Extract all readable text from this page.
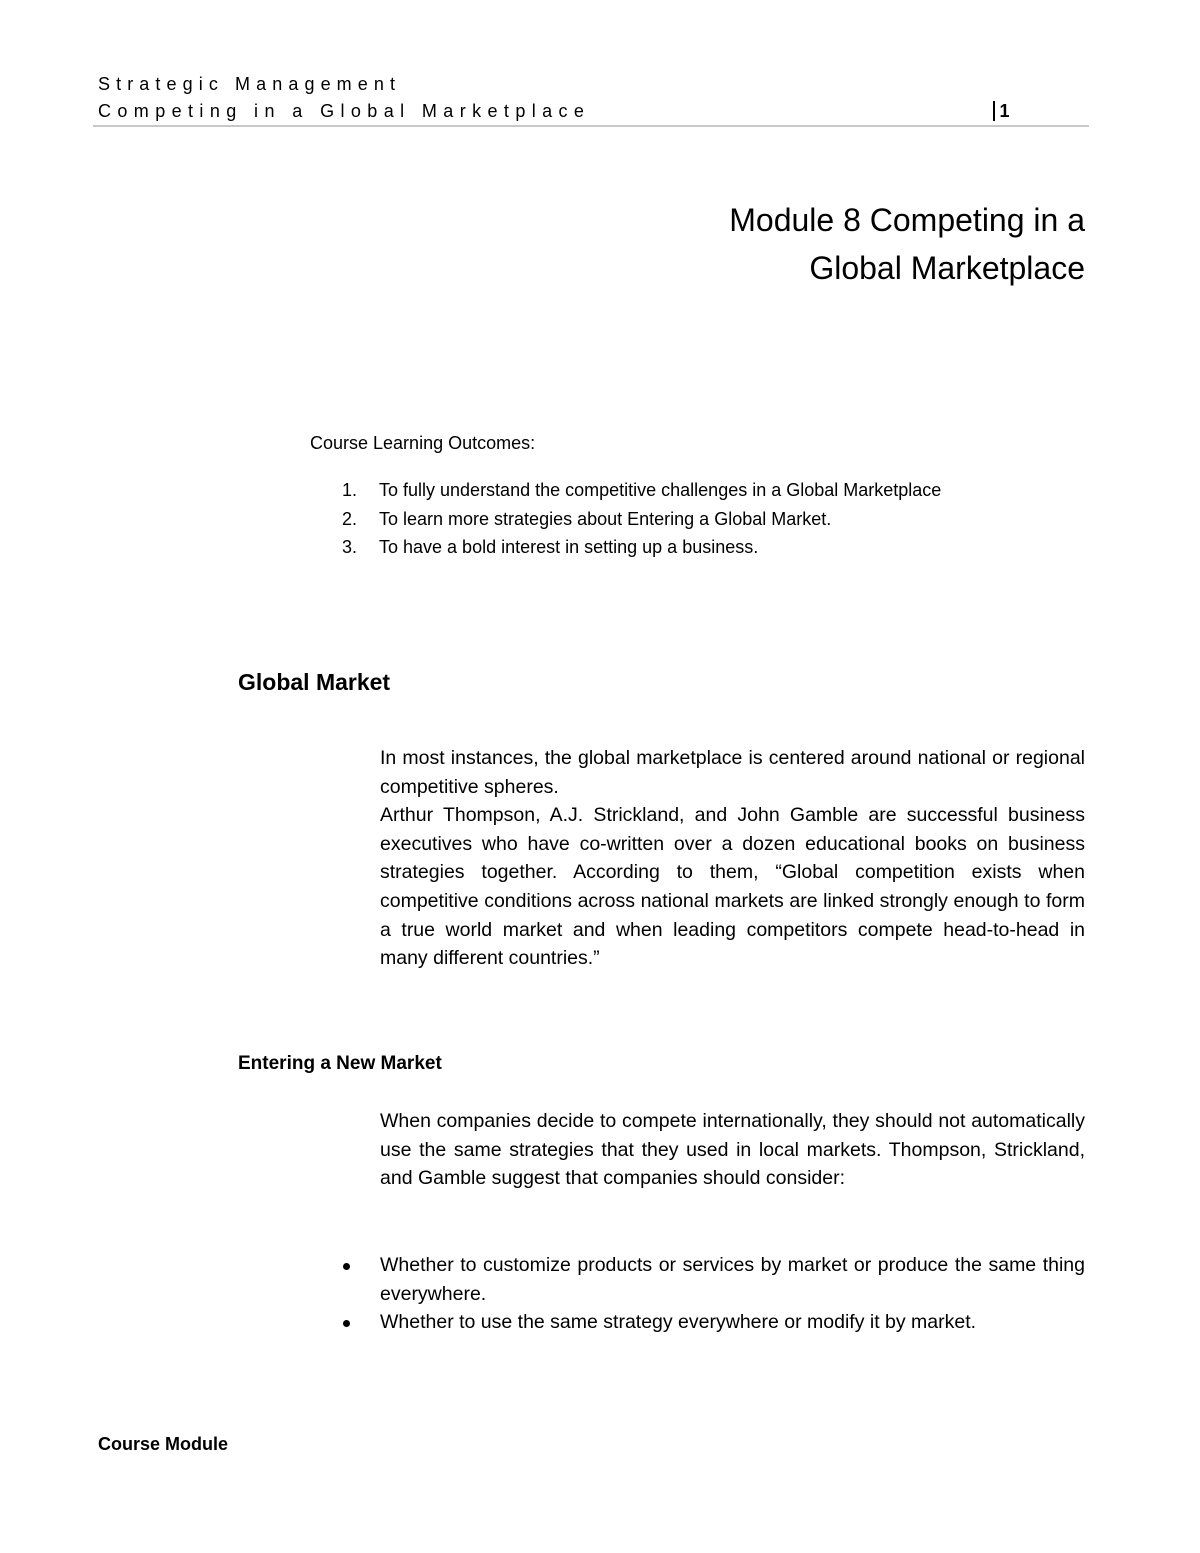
Strategic Management
Competing in a Global Marketplace	1
Module 8 Competing in a
Global Marketplace
Course Learning Outcomes:
1. To fully understand the competitive challenges in a Global Marketplace
2. To learn more strategies about Entering a Global Market.
3. To have a bold interest in setting up a business.
Global Market

In most instances, the global marketplace is centered around national or regional competitive spheres.

Arthur Thompson, A.J. Strickland, and John Gamble are successful business executives who have co-written over a dozen educational books on business strategies together. According to them, “Global competition exists when competitive conditions across national markets are linked strongly enough to form a true world market and when leading competitors compete head-to-head in many different countries.”

Entering a New Market

When companies decide to compete internationally, they should not automatically use the same strategies that they used in local markets. Thompson, Strickland, and Gamble suggest that companies should consider:

Whether to customize products or services by market or produce the same thing everywhere.
Whether to use the same strategy everywhere or modify it by market.
Course Module
